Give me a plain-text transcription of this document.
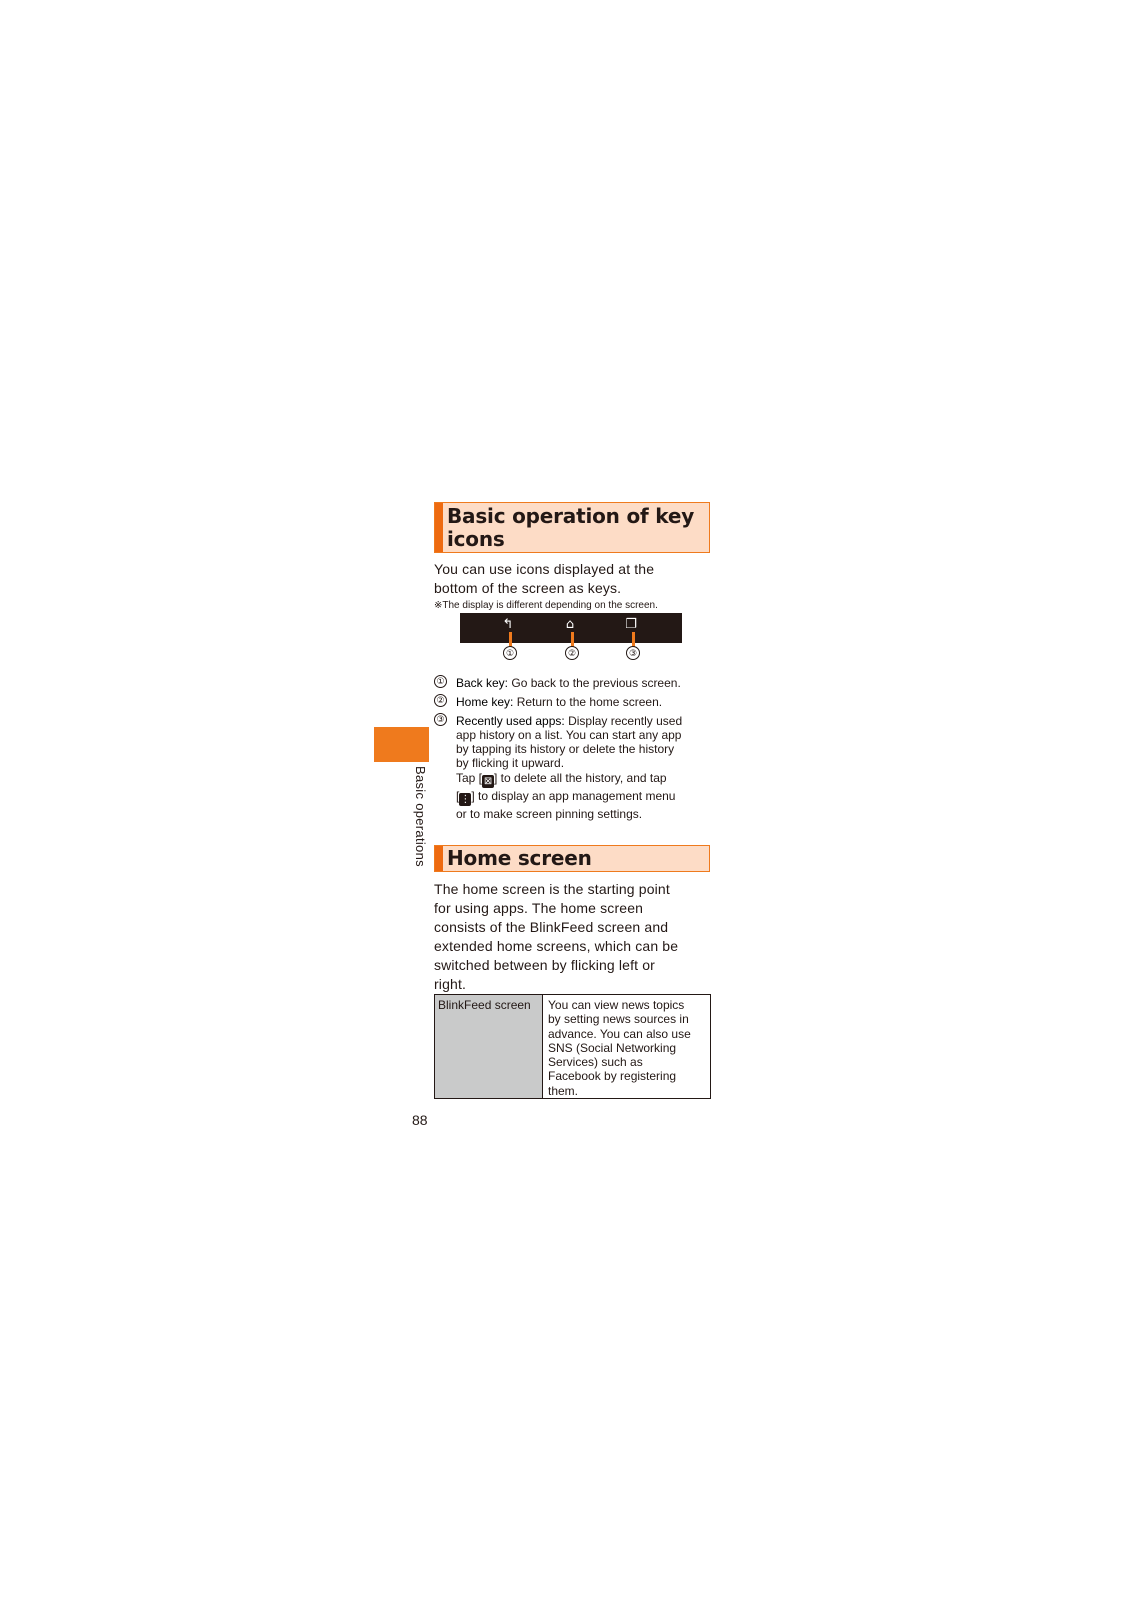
Basic operation of key
icons
You can use icons displayed at the
bottom of the screen as keys.
※The display is different depending on the screen.
↰	⌂	❐
①	②	③
① Back key: Go back to the previous screen.
② Home key: Return to the home screen.
③ Recently used apps: Display recently used
app history on a list. You can start any app
by tapping its history or delete the history
by flicking it upward.
Tap [ ⊠ ] to delete all the history, and tap
[⋮] to display an app management menu
or to make screen pinning settings.
Basic operations Home screen
The home screen is the starting point
for using apps. The home screen
consists of the BlinkFeed screen and
extended home screens, which can be
switched between by flicking left or
right.
BlinkFeed screen	You can view news topics
by setting news sources in
advance. You can also use
SNS (Social Networking
Services) such as
Facebook by registering
them.
88
